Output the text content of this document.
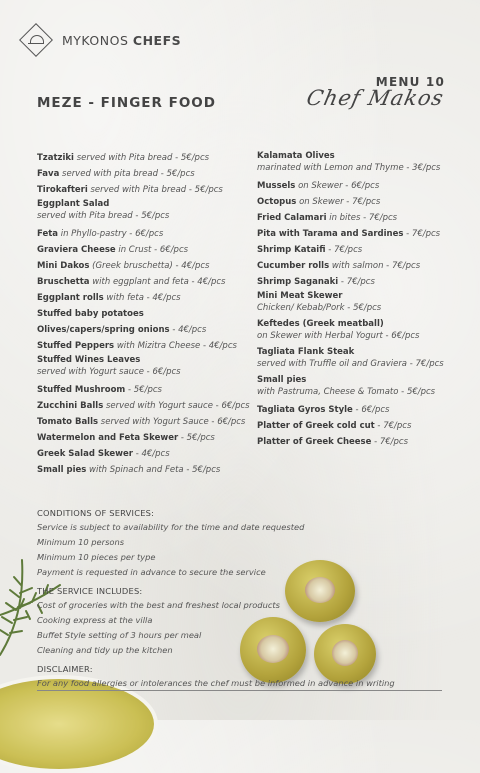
MYKONOS CHEFS
MENU 10
Chef Makos
MEZE - FINGER FOOD
Tzatziki served with Pita bread - 5€/pcs
Fava served with pita bread - 5€/pcs
Tirokafteri served with Pita bread - 5€/pcs
Eggplant Salad
served with Pita bread - 5€/pcs
Feta in Phyllo-pastry - 6€/pcs
Graviera Cheese in Crust - 6€/pcs
Mini Dakos (Greek bruschetta) - 4€/pcs
Bruschetta with eggplant and feta - 4€/pcs
Eggplant rolls with feta - 4€/pcs
Stuffed baby potatoes
Olives/capers/spring onions - 4€/pcs
Stuffed Peppers with Mizitra Cheese - 4€/pcs
Stuffed Wines Leaves
served with Yogurt sauce - 6€/pcs
Stuffed Mushroom - 5€/pcs
Zucchini Balls served with Yogurt sauce - 6€/pcs
Tomato Balls served with Yogurt Sauce - 6€/pcs
Watermelon and Feta Skewer - 5€/pcs
Greek Salad Skewer - 4€/pcs
Small pies with Spinach and Feta - 5€/pcs
Kalamata Olives
marinated with Lemon and Thyme - 3€/pcs
Mussels on Skewer - 6€/pcs
Octopus on Skewer - 7€/pcs
Fried Calamari in bites - 7€/pcs
Pita with Tarama and Sardines - 7€/pcs
Shrimp Kataifi - 7€/pcs
Cucumber rolls with salmon - 7€/pcs
Shrimp Saganaki - 7€/pcs
Mini Meat Skewer
Chicken/ Kebab/Pork - 5€/pcs
Keftedes (Greek meatball)
on Skewer with Herbal Yogurt - 6€/pcs
Tagliata Flank Steak
served with Truffle oil and Graviera - 7€/pcs
Small pies
with Pastruma, Cheese & Tomato - 5€/pcs
Tagliata Gyros Style - 6€/pcs
Platter of Greek cold cut - 7€/pcs
Platter of Greek Cheese - 7€/pcs
CONDITIONS OF SERVICES:
Service is subject to availability for the time and date requested
Minimum 10 persons
Minimum 10 pieces per type
Payment is requested in advance to secure the service
THE SERVICE INCLUDES:
Cost of groceries with the best and freshest local products
Cooking express at the villa
Buffet Style setting of 3 hours per meal
Cleaning and tidy up the kitchen
DISCLAIMER:
For any food allergies or intolerances the chef must be informed in advance in writing
